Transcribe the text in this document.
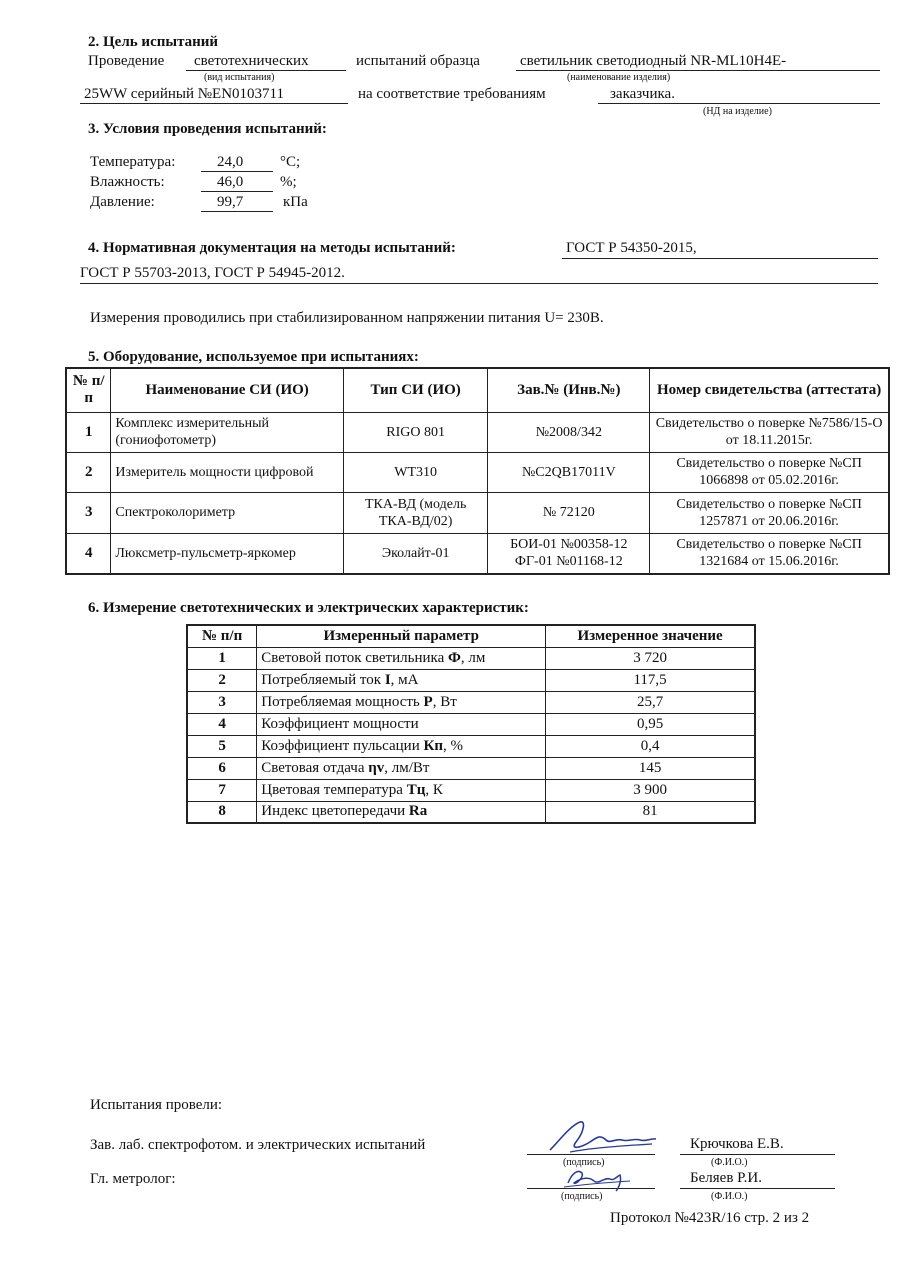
2. Цель испытаний
Проведение светотехнических	испытаний образца	светильник светодиодный NR-ML10H4E-
(вид испытания)	(наименование изделия)
25WW серийный №EN0103711	на соответствие требованиям	заказчика.
(НД на изделие)
3. Условия проведения испытаний:
Температура:	24,0 °С;
Влажность:	46,0 %;
Давление:	99,7	кПа
4. Нормативная документация на методы испытаний:	ГОСТ Р 54350-2015,
ГОСТ Р 55703-2013, ГОСТ Р 54945-2012.
Измерения проводились при стабилизированном напряжении питания U= 230В.
5. Оборудование, используемое при испытаниях:
№ п/п	Наименование СИ (ИО)	Тип СИ (ИО)	Зав.№ (Инв.№)	Номер свидетельства (аттестата)
1	Комплекс измерительный (гониофотометр)	RIGO 801	№2008/342	Свидетельство о поверке №7586/15-О от 18.11.2015г.
2	Измеритель мощности цифровой	WT310	№C2QB17011V	Свидетельство о поверке №СП 1066898 от 05.02.2016г.
3	Спектроколориметр	ТКА-ВД (модель ТКА-ВД/02)	№ 72120	Свидетельство о поверке №СП 1257871 от 20.06.2016г.
4	Люксметр-пульсметр-яркомер	Эколайт-01	БОИ-01 №00358-12 ФГ-01 №01168-12	Свидетельство о поверке №СП 1321684 от 15.06.2016г.
6. Измерение светотехнических и электрических характеристик:
№ п/п	Измеренный параметр	Измеренное значение
1	Световой поток светильника Ф, лм	3 720
2	Потребляемый ток I, мА	117,5
3	Потребляемая мощность P, Вт	25,7
4	Коэффициент мощности	0,95
5	Коэффициент пульсации Кп, %	0,4
6	Световая отдача ηv, лм/Вт	145
7	Цветовая температура Тц, К	3 900
8	Индекс цветопередачи Ra	81
Испытания провели:
Зав. лаб. спектрофотом. и электрических испытаний	Крючкова Е.В.
(подпись)	(Ф.И.О.)
Гл. метролог:	Беляев Р.И.
(подпись)	(Ф.И.О.)
Протокол №423R/16 стр. 2 из 2
